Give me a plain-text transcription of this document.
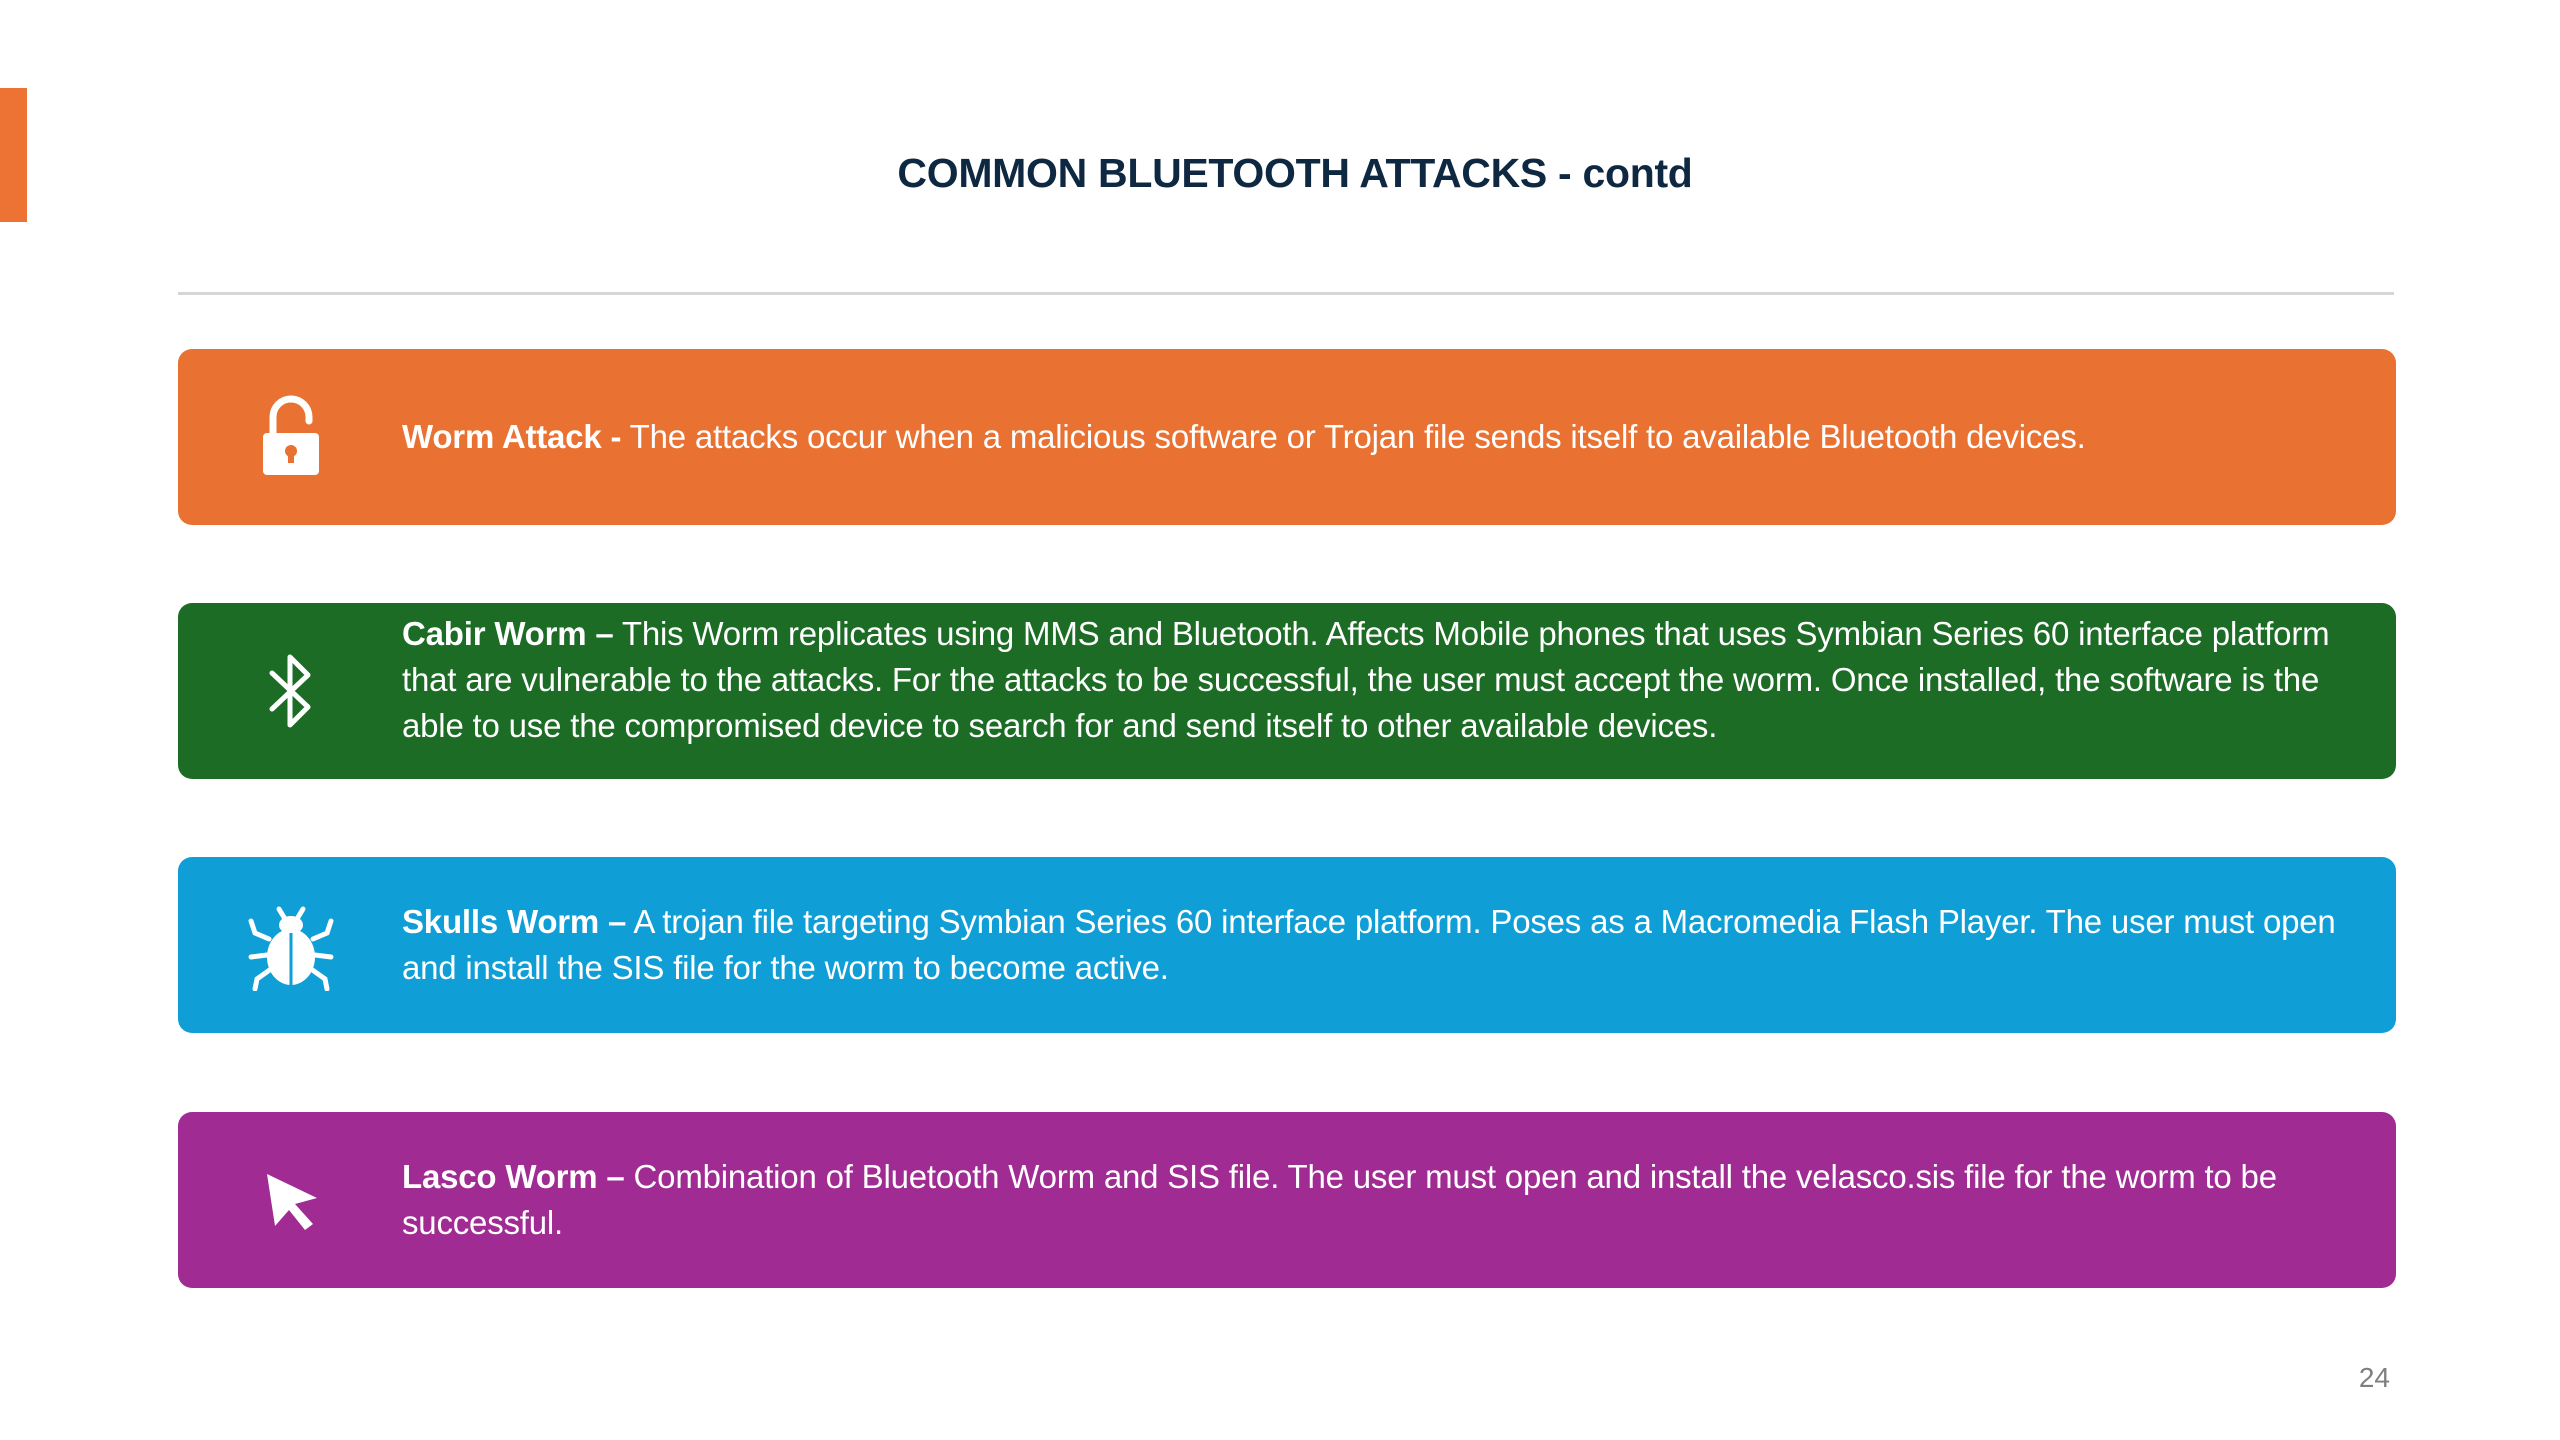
COMMON BLUETOOTH ATTACKS - contd

Worm Attack - The attacks occur when a malicious software or Trojan file sends itself to available Bluetooth devices.

Cabir Worm – This Worm replicates using MMS and Bluetooth. Affects Mobile phones that uses Symbian Series 60 interface platform that are vulnerable to the attacks. For the attacks to be successful, the user must accept the worm. Once installed, the software is the able to use the compromised device to search for and send itself to other available devices.

Skulls Worm – A trojan file targeting Symbian Series 60 interface platform. Poses as a Macromedia Flash Player. The user must open and install the SIS file for the worm to become active.

Lasco Worm – Combination of Bluetooth Worm and SIS file. The user must open and install the velasco.sis file for the worm to be successful.

24
